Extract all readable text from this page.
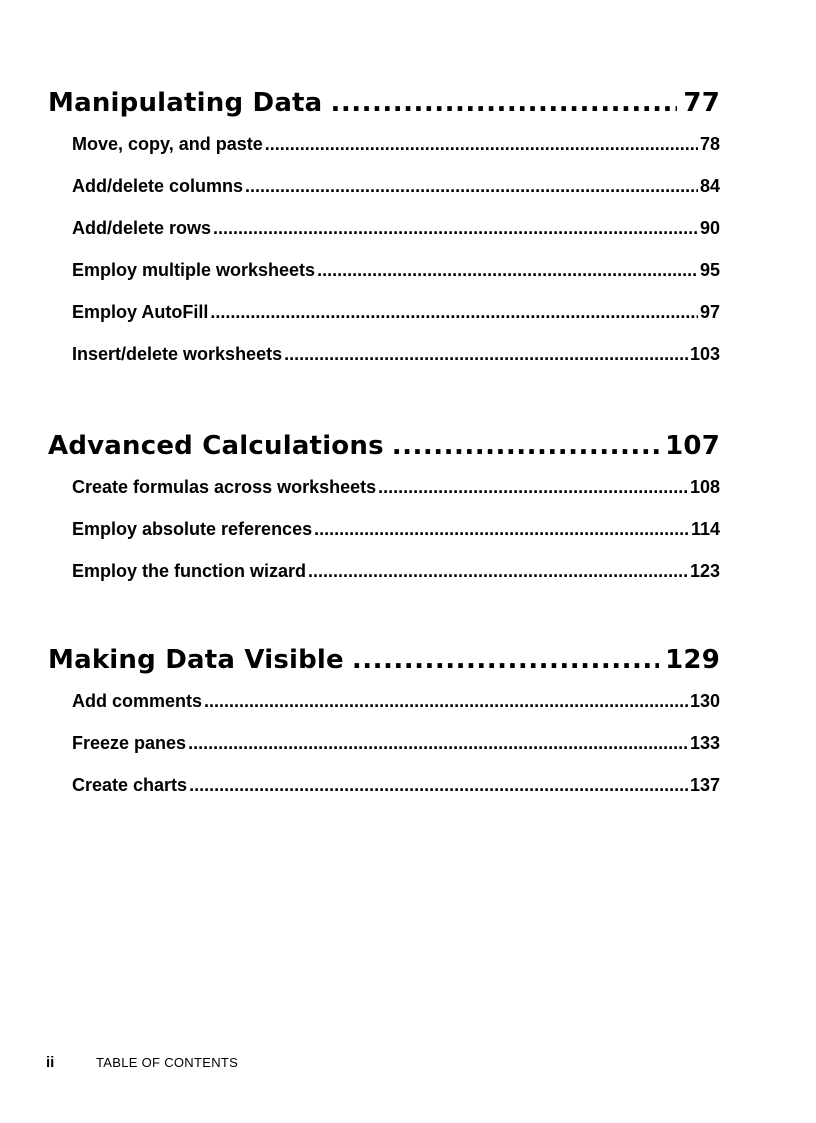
Manipulating Data .....	77
Move, copy, and paste .....	78
Add/delete columns .....	84
Add/delete rows .....	90
Employ multiple worksheets .....	95
Employ AutoFill .....	97
Insert/delete worksheets .....	103
Advanced Calculations .....	107
Create formulas across worksheets .....	108
Employ absolute references .....	114
Employ the function wizard .....	123
Making Data Visible .....	129
Add comments .....	130
Freeze panes .....	133
Create charts .....	137
ii	TABLE OF CONTENTS
